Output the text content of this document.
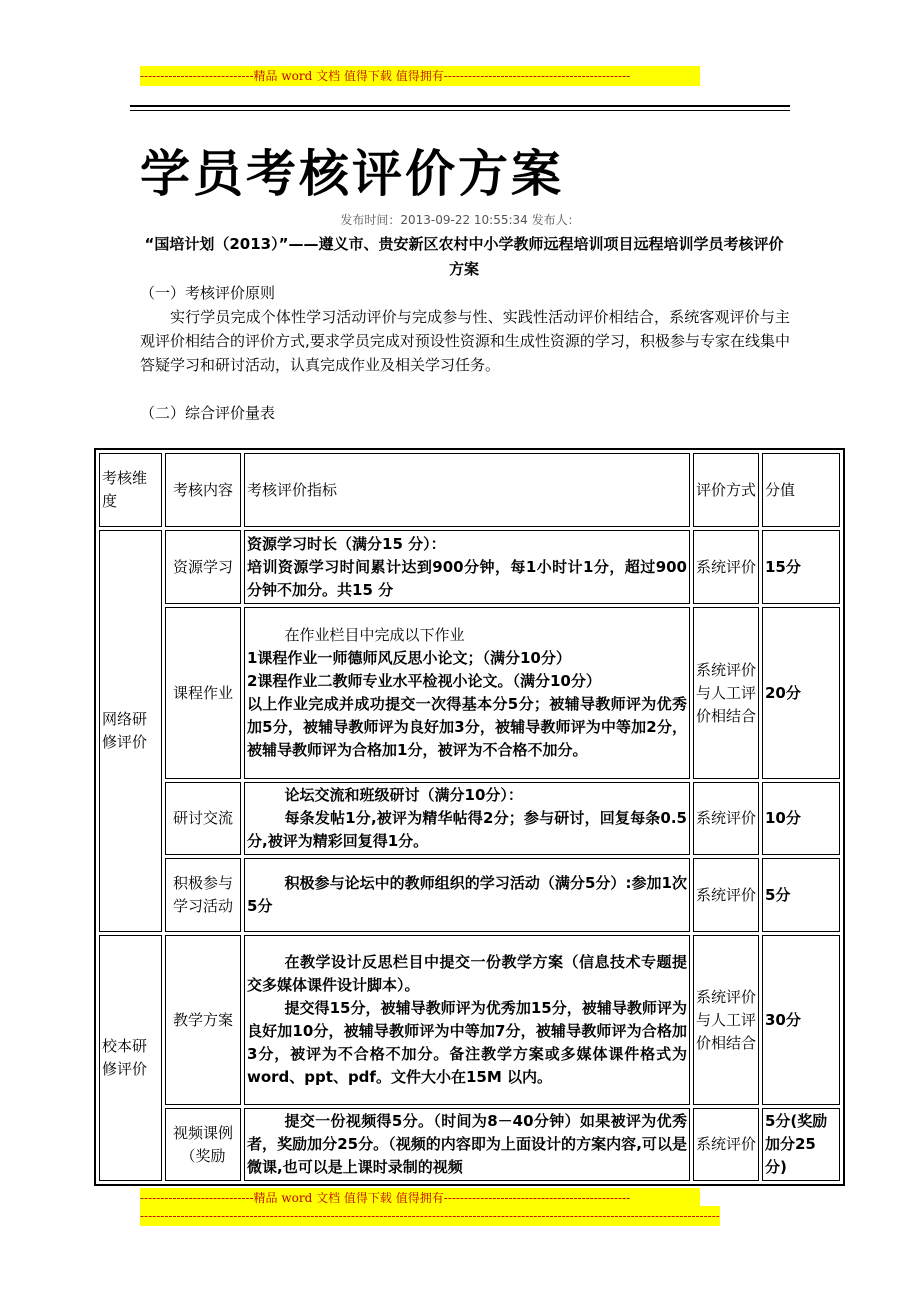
----------------------------精品 word 文档 值得下载 值得拥有----------------------------------------------
学员考核评价方案
发布时间：2013-09-22 10:55:34 发布人：
“国培计划（2013）”——遵义市、贵安新区农村中小学教师远程培训项目远程培训学员考核评价方案
（一）考核评价原则
实行学员完成个体性学习活动评价与完成参与性、实践性活动评价相结合，系统客观评价与主观评价相结合的评价方式,要求学员完成对预设性资源和生成性资源的学习，积极参与专家在线集中答疑学习和研讨活动，认真完成作业及相关学习任务。
（二）综合评价量表
考核维度	考核内容	考核评价指标	评价方式	分值
网络研修评价	资源学习	资源学习时长（满分15 分）：
培训资源学习时间累计达到900分钟，每1小时计1分，超过900分钟不加分。共15 分	系统评价	15分
	课程作业	在作业栏目中完成以下作业
1课程作业一师德师风反思小论文；（满分10分）
2课程作业二教师专业水平检视小论文。（满分10分）
以上作业完成并成功提交一次得基本分5分；被辅导教师评为优秀加5分，被辅导教师评为良好加3分，被辅导教师评为中等加2分，被辅导教师评为合格加1分，被评为不合格不加分。	系统评价与人工评价相结合	20分
	研讨交流	论坛交流和班级研讨（满分10分）：
每条发帖1分,被评为精华帖得2分；参与研讨，回复每条0.5分,被评为精彩回复得1分。	系统评价	10分
	积极参与学习活动	积极参与论坛中的教师组织的学习活动（满分5分）:参加1次5分	系统评价	5分
校本研修评价	教学方案	在教学设计反思栏目中提交一份教学方案（信息技术专题提交多媒体课件设计脚本）。
提交得15分，被辅导教师评为优秀加15分，被辅导教师评为良好加10分，被辅导教师评为中等加7分，被辅导教师评为合格加3分，被评为不合格不加分。备注教学方案或多媒体课件格式为word、ppt、pdf。文件大小在15M 以内。	系统评价与人工评价相结合	30分
	视频课例（奖励	提交一份视频得5分。（时间为8－40分钟）如果被评为优秀者，奖励加分25分。（视频的内容即为上面设计的方案内容,可以是微课,也可以是上课时录制的视频	系统评价	5分(奖励加分25分)
----------------------------精品 word 文档 值得下载 值得拥有----------------------------------------------
-----------------------------------------------------------------------------------------------------------------------------------------------
